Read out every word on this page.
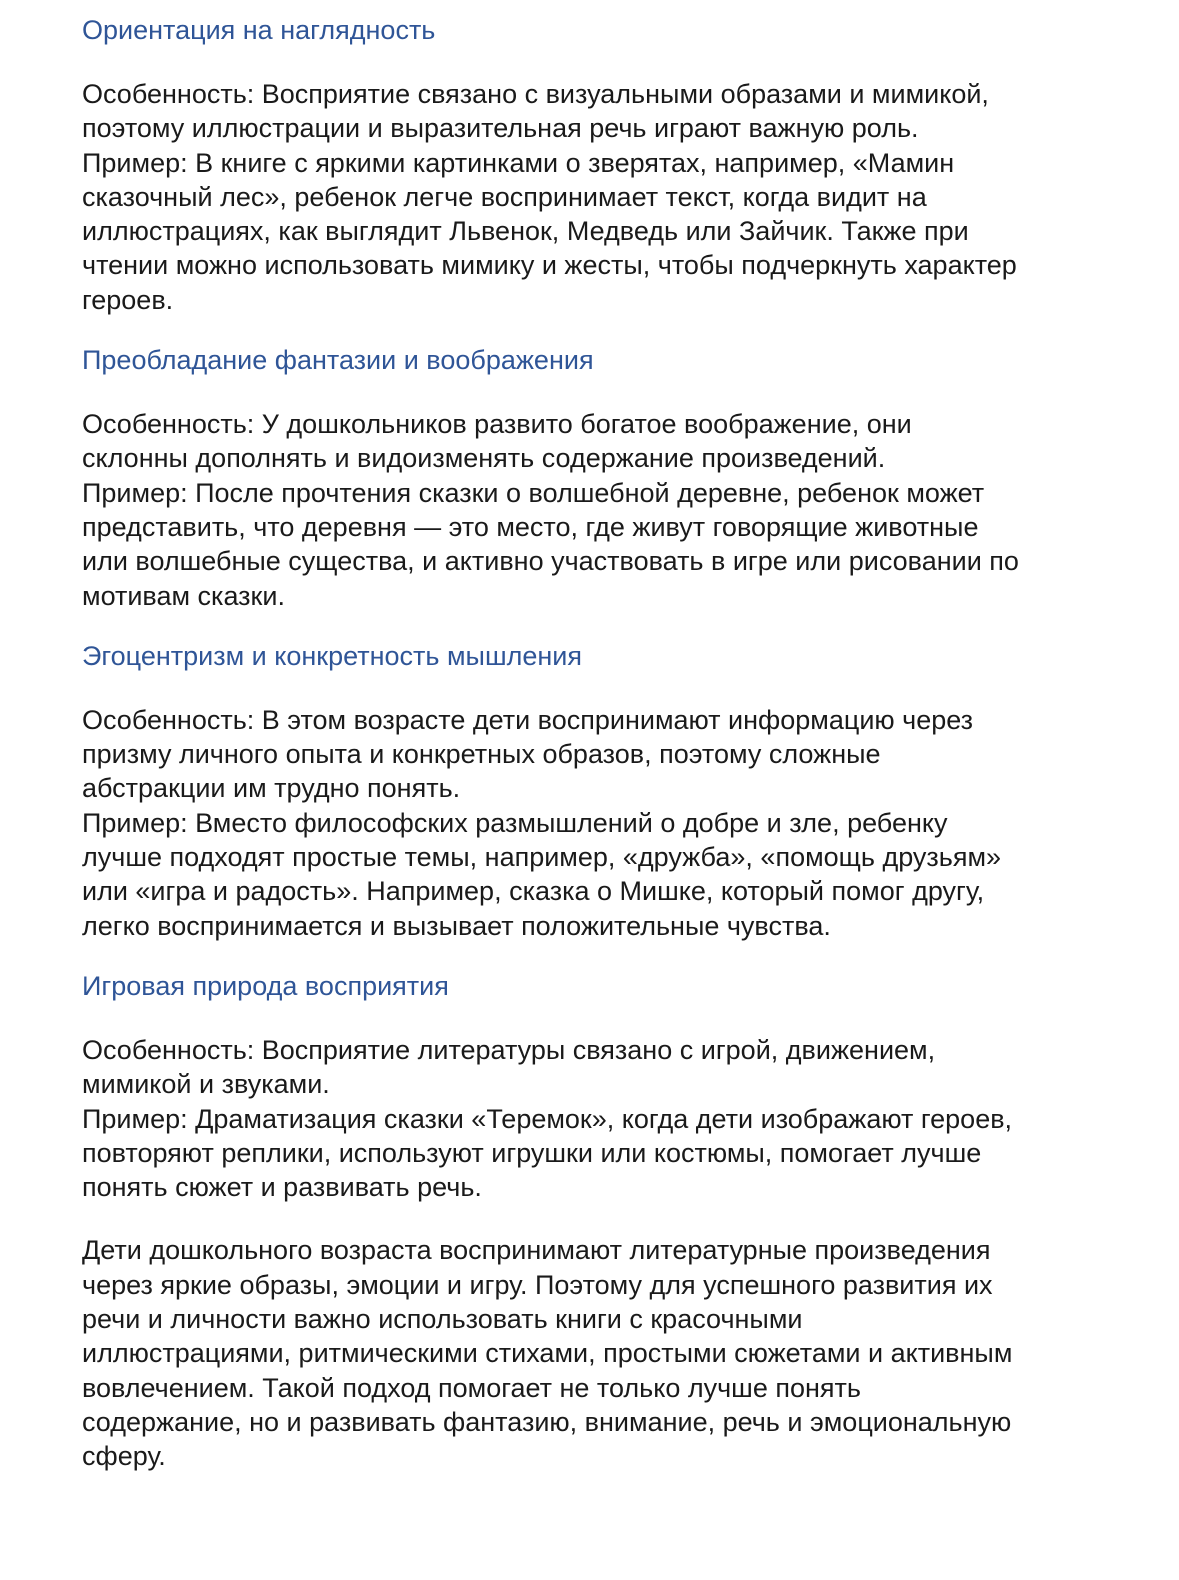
Ориентация на наглядность

Особенность: Восприятие связано с визуальными образами и мимикой,
поэтому иллюстрации и выразительная речь играют важную роль.
Пример: В книге с яркими картинками о зверятах, например, «Мамин
сказочный лес», ребенок легче воспринимает текст, когда видит на
иллюстрациях, как выглядит Львенок, Медведь или Зайчик. Также при
чтении можно использовать мимику и жесты, чтобы подчеркнуть характер
героев.

Преобладание фантазии и воображения

Особенность: У дошкольников развито богатое воображение, они
склонны дополнять и видоизменять содержание произведений.
Пример: После прочтения сказки о волшебной деревне, ребенок может
представить, что деревня — это место, где живут говорящие животные
или волшебные существа, и активно участвовать в игре или рисовании по
мотивам сказки.

Эгоцентризм и конкретность мышления

Особенность: В этом возрасте дети воспринимают информацию через
призму личного опыта и конкретных образов, поэтому сложные
абстракции им трудно понять.
Пример: Вместо философских размышлений о добре и зле, ребенку
лучше подходят простые темы, например, «дружба», «помощь друзьям»
или «игра и радость». Например, сказка о Мишке, который помог другу,
легко воспринимается и вызывает положительные чувства.

Игровая природа восприятия

Особенность: Восприятие литературы связано с игрой, движением,
мимикой и звуками.
Пример: Драматизация сказки «Теремок», когда дети изображают героев,
повторяют реплики, используют игрушки или костюмы, помогает лучше
понять сюжет и развивать речь.

Дети дошкольного возраста воспринимают литературные произведения
через яркие образы, эмоции и игру. Поэтому для успешного развития их
речи и личности важно использовать книги с красочными
иллюстрациями, ритмическими стихами, простыми сюжетами и активным
вовлечением. Такой подход помогает не только лучше понять
содержание, но и развивать фантазию, внимание, речь и эмоциональную
сферу.
